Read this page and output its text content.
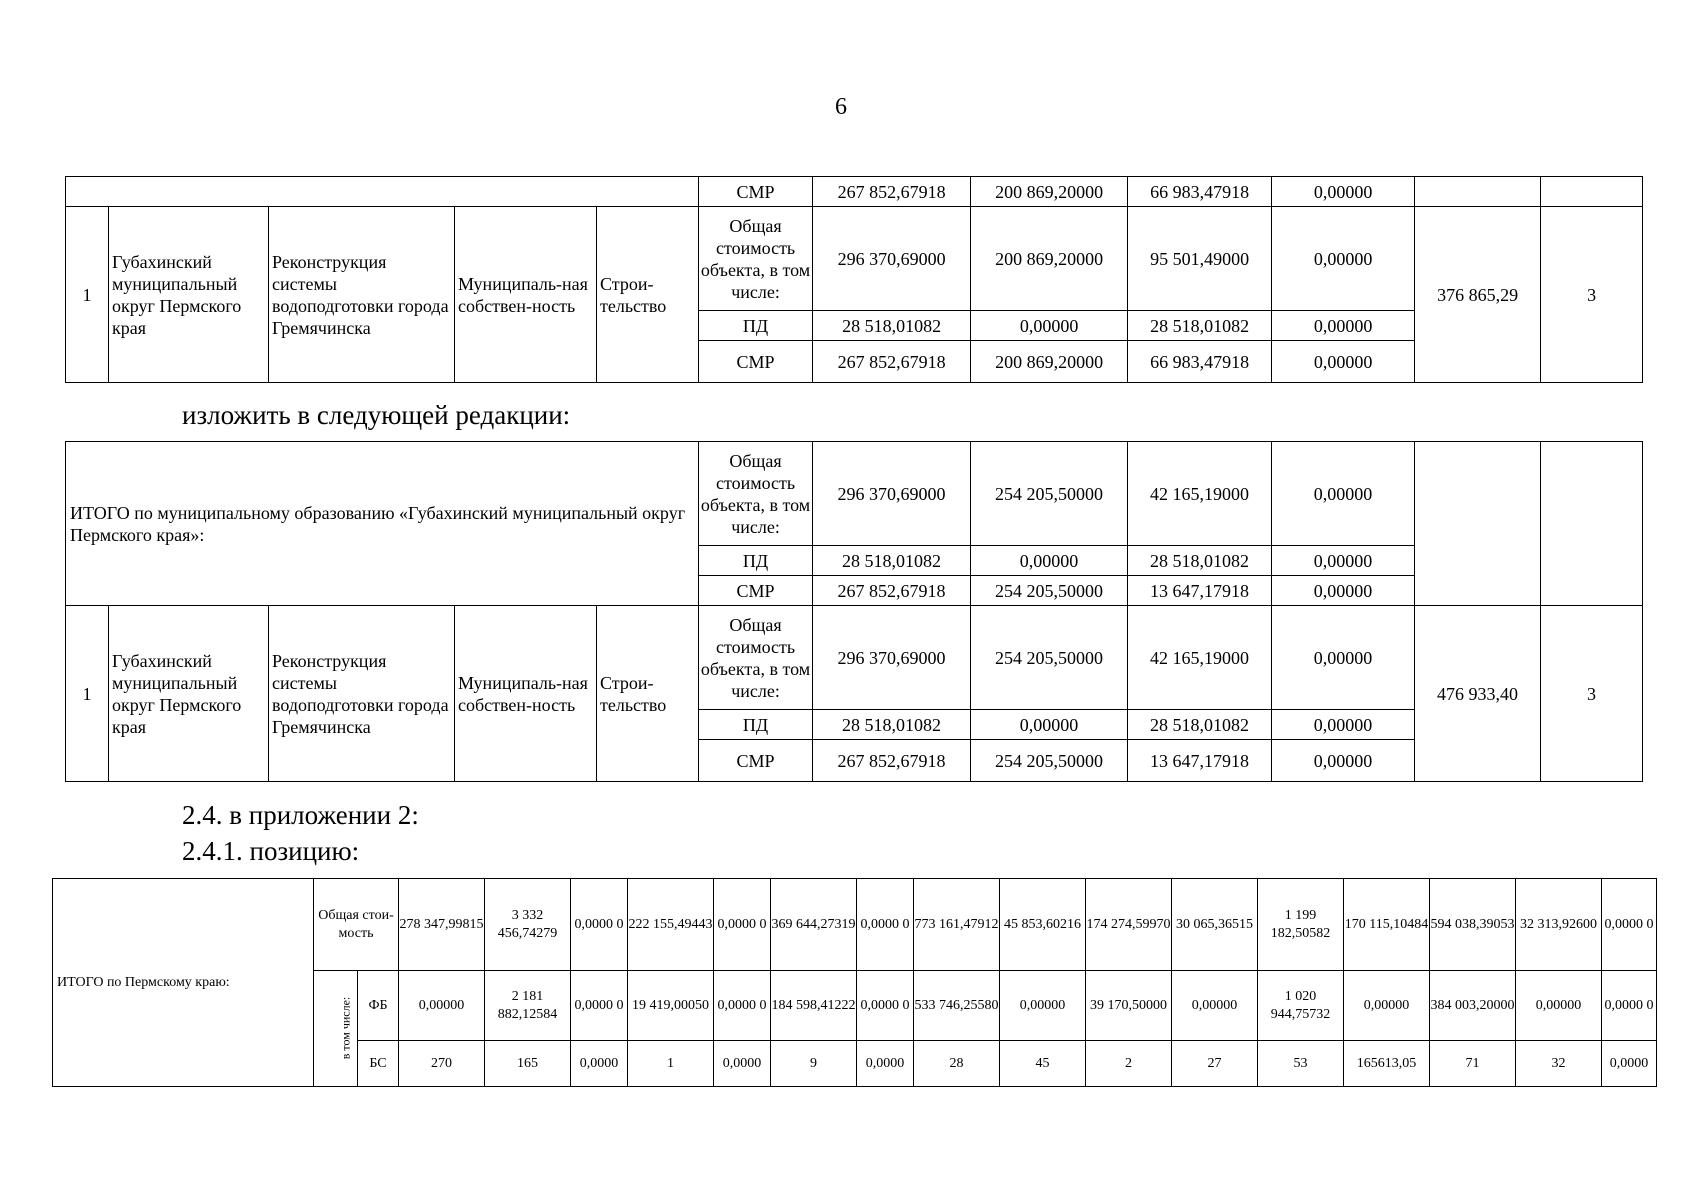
6
					СМР	267 852,67918	200 869,20000	66 983,47918	0,00000		
1	Губахинский муниципальный округ Пермского края	Реконструкция системы водоподготовки города Гремячинска	Муниципаль-ная собствен-ность	Строи-тельство	Общая стоимость объекта, в том числе:	296 370,69000	200 869,20000	95 501,49000	0,00000	376 865,29	3
					ПД	28 518,01082	0,00000	28 518,01082	0,00000		
					СМР	267 852,67918	200 869,20000	66 983,47918	0,00000		
изложить в следующей редакции:
ИТОГО по муниципальному образованию «Губахинский муниципальный округ Пермского края»:					Общая стоимость объекта, в том числе:	296 370,69000	254 205,50000	42 165,19000	0,00000		
					ПД	28 518,01082	0,00000	28 518,01082	0,00000		
					СМР	267 852,67918	254 205,50000	13 647,17918	0,00000		
1	Губахинский муниципальный округ Пермского края	Реконструкция системы водоподготовки города Гремячинска	Муниципаль-ная собствен-ность	Строи-тельство	Общая стоимость объекта, в том числе:	296 370,69000	254 205,50000	42 165,19000	0,00000	476 933,40	3
					ПД	28 518,01082	0,00000	28 518,01082	0,00000		
					СМР	267 852,67918	254 205,50000	13 647,17918	0,00000		
2.4. в приложении 2:
2.4.1. позицию:
ИТОГО по Пермскому краю:	Общая стои-мость		278 347,99815	3 332 456,74279	0,0000 0	222 155,49443	0,0000 0	369 644,27319	0,0000 0	773 161,47912	45 853,60216	174 274,59970	30 065,36515	1 199 182,50582	170 115,10484	594 038,39053	32 313,92600	0,0000 0
	в том числе:	ФБ	0,00000	2 181 882,12584	0,0000 0	19 419,00050	0,0000 0	184 598,41222	0,0000 0	533 746,25580	0,00000	39 170,50000	0,00000	1 020 944,75732	0,00000	384 003,20000	0,00000	0,0000 0
		БС	270	165	0,0000	1	0,0000	9	0,0000	28	45	2	27	53	165613,05	71	32	0,0000
